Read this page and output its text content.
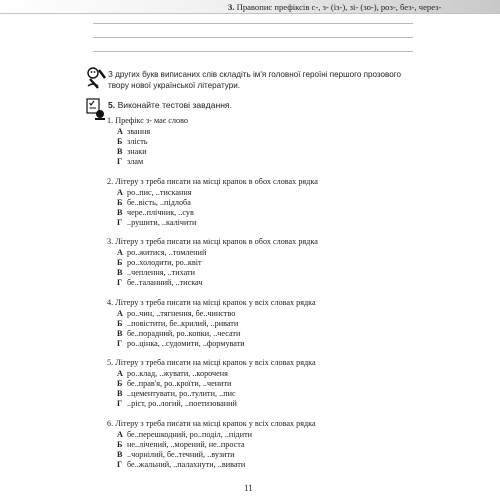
3. Правопис префіксів с-, з- (із-), зі- (зо-), роз-, без-, через-
З других букв виписаних слів складіть ім'я головної героїні першого прозового твору нової української літератури.
5. Виконайте тестові завдання.
1. Префікс з- має слово
А звання
Б злість
В знаки
Г злам
2. Літеру з треба писати на місці крапок в обох словах рядка
А ро..пис, ..тискання
Б бе..вість, ..підлоба
В чере..плічник, ..сув
Г ..рушити, ..калічити
3. Літеру з треба писати на місці крапок в обох словах рядка
А ро..житися, ..томлений
Б ро..холодити, ро..квіт
В ..чеплення, ..тихати
Г бе..таланний, ..тискач
4. Літеру з треба писати на місці крапок у всіх словах рядка
А ро..чин, ..тягнення, бе..чинство
Б ..повістити, бе..крилий, ..ривати
В бе..порадний, ро..копки, ..чесати
Г ро..цінка, ..судомити, ..формувати
5. Літеру з треба писати на місці крапок у всіх словах рядка
А ро..клад, ..жувати, ..короченя
Б бе..прав'я, ро..кроїти, ..ченити
В ..цементувати, ро..тулити, ..пис
Г ..ріст, ро..логий, ..поетизований
6. Літеру з треба писати на місці крапок у всіх словах рядка
А бе..перешкодний, ро..поділ, ..підити
Б не..лічений, ..морений, не..проста
В ..чорнілий, бе..течний, ..вузити
Г бе..жальний, ..палахнути, ..вивати
11
